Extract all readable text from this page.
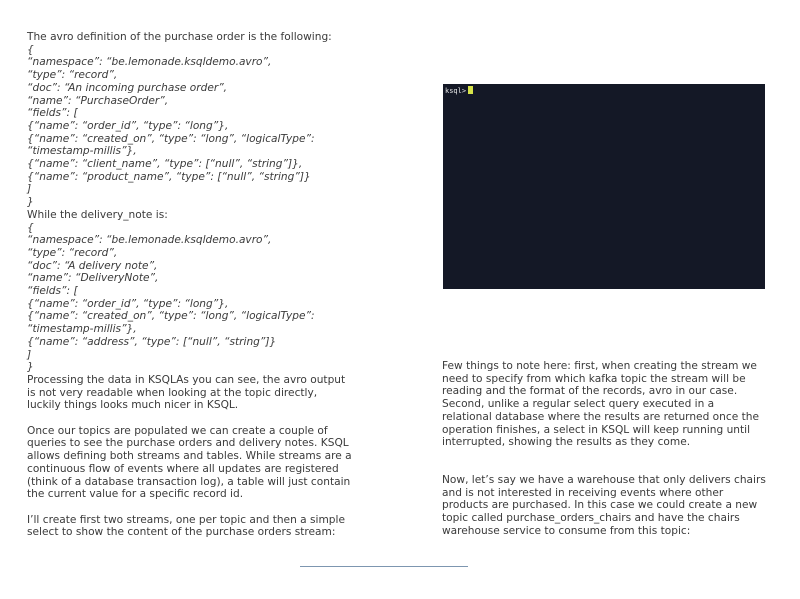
The avro definition of the purchase order is the following:
{
“namespace”: “be.lemonade.ksqldemo.avro”,
“type”: “record”,
“doc”: “An incoming purchase order”,
“name”: “PurchaseOrder”,
“fields”: [
{“name”: “order_id”, “type”: “long”},
{“name”: “created_on”, “type”: “long”, “logicalType”:
“timestamp-millis”},
{“name”: “client_name”, “type”: [“null”, “string”]},
{“name”: “product_name”, “type”: [“null”, “string”]}
]
}
While the delivery_note is:
{
“namespace”: “be.lemonade.ksqldemo.avro”,
“type”: “record”,
“doc”: “A delivery note”,
“name”: “DeliveryNote”,
“fields”: [
{“name”: “order_id”, “type”: “long”},
{“name”: “created_on”, “type”: “long”, “logicalType”:
“timestamp-millis”},
{“name”: “address”, “type”: [“null”, “string”]}
]
}
Processing the data in KSQLAs you can see, the avro output
is not very readable when looking at the topic directly,
luckily things looks much nicer in KSQL.
Once our topics are populated we can create a couple of
queries to see the purchase orders and delivery notes. KSQL
allows defining both streams and tables. While streams are a
continuous flow of events where all updates are registered
(think of a database transaction log), a table will just contain
the current value for a specific record id.
I’ll create first two streams, one per topic and then a simple
select to show the content of the purchase orders stream:
ksql>
Few things to note here: first, when creating the stream we
need to specify from which kafka topic the stream will be
reading and the format of the records, avro in our case.
Second, unlike a regular select query executed in a
relational database where the results are returned once the
operation finishes, a select in KSQL will keep running until
interrupted, showing the results as they come.
Now, let’s say we have a warehouse that only delivers chairs
and is not interested in receiving events where other
products are purchased. In this case we could create a new
topic called purchase_orders_chairs and have the chairs
warehouse service to consume from this topic:
